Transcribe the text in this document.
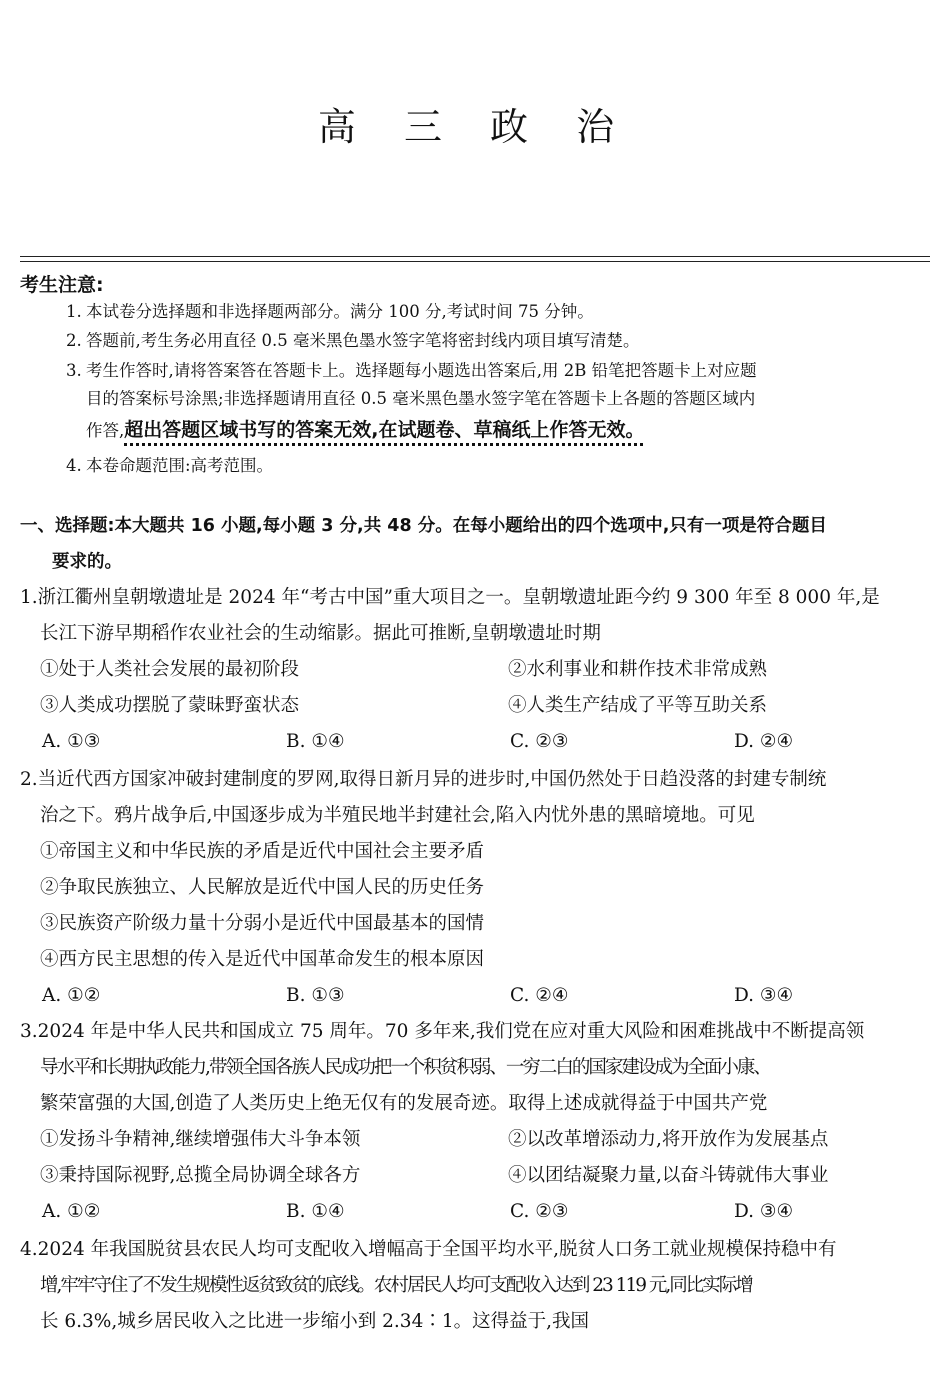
高 三 政 治
考生注意:
1. 本试卷分选择题和非选择题两部分。满分 100 分,考试时间 75 分钟。
2. 答题前,考生务必用直径 0.5 毫米黑色墨水签字笔将密封线内项目填写清楚。
3. 考生作答时,请将答案答在答题卡上。选择题每小题选出答案后,用 2B 铅笔把答题卡上对应题
目的答案标号涂黑;非选择题请用直径 0.5 毫米黑色墨水签字笔在答题卡上各题的答题区域内
作答,超出答题区域书写的答案无效,在试题卷、草稿纸上作答无效。
4. 本卷命题范围:高考范围。
一、选择题:本大题共 16 小题,每小题 3 分,共 48 分。在每小题给出的四个选项中,只有一项是符合题目
要求的。
1.浙江衢州皇朝墩遗址是 2024 年“考古中国”重大项目之一。皇朝墩遗址距今约 9 300 年至 8 000 年,是
长江下游早期稻作农业社会的生动缩影。据此可推断,皇朝墩遗址时期
①处于人类社会发展的最初阶段	②水利事业和耕作技术非常成熟
③人类成功摆脱了蒙昧野蛮状态	④人类生产结成了平等互助关系
A. ①③	B. ①④	C. ②③	D. ②④
2.当近代西方国家冲破封建制度的罗网,取得日新月异的进步时,中国仍然处于日趋没落的封建专制统
治之下。鸦片战争后,中国逐步成为半殖民地半封建社会,陷入内忧外患的黑暗境地。可见
①帝国主义和中华民族的矛盾是近代中国社会主要矛盾
②争取民族独立、人民解放是近代中国人民的历史任务
③民族资产阶级力量十分弱小是近代中国最基本的国情
④西方民主思想的传入是近代中国革命发生的根本原因
A. ①②	B. ①③	C. ②④	D. ③④
3.2024 年是中华人民共和国成立 75 周年。70 多年来,我们党在应对重大风险和困难挑战中不断提高领
导水平和长期执政能力,带领全国各族人民成功把一个积贫积弱、一穷二白的国家建设成为全面小康、
繁荣富强的大国,创造了人类历史上绝无仅有的发展奇迹。取得上述成就得益于中国共产党
①发扬斗争精神,继续增强伟大斗争本领	②以改革增添动力,将开放作为发展基点
③秉持国际视野,总揽全局协调全球各方	④以团结凝聚力量,以奋斗铸就伟大事业
A. ①②	B. ①④	C. ②③	D. ③④
4.2024 年我国脱贫县农民人均可支配收入增幅高于全国平均水平,脱贫人口务工就业规模保持稳中有
增,牢牢守住了不发生规模性返贫致贫的底线。农村居民人均可支配收入达到 23 119 元,同比实际增
长 6.3%,城乡居民收入之比进一步缩小到 2.34∶1。这得益于,我国
